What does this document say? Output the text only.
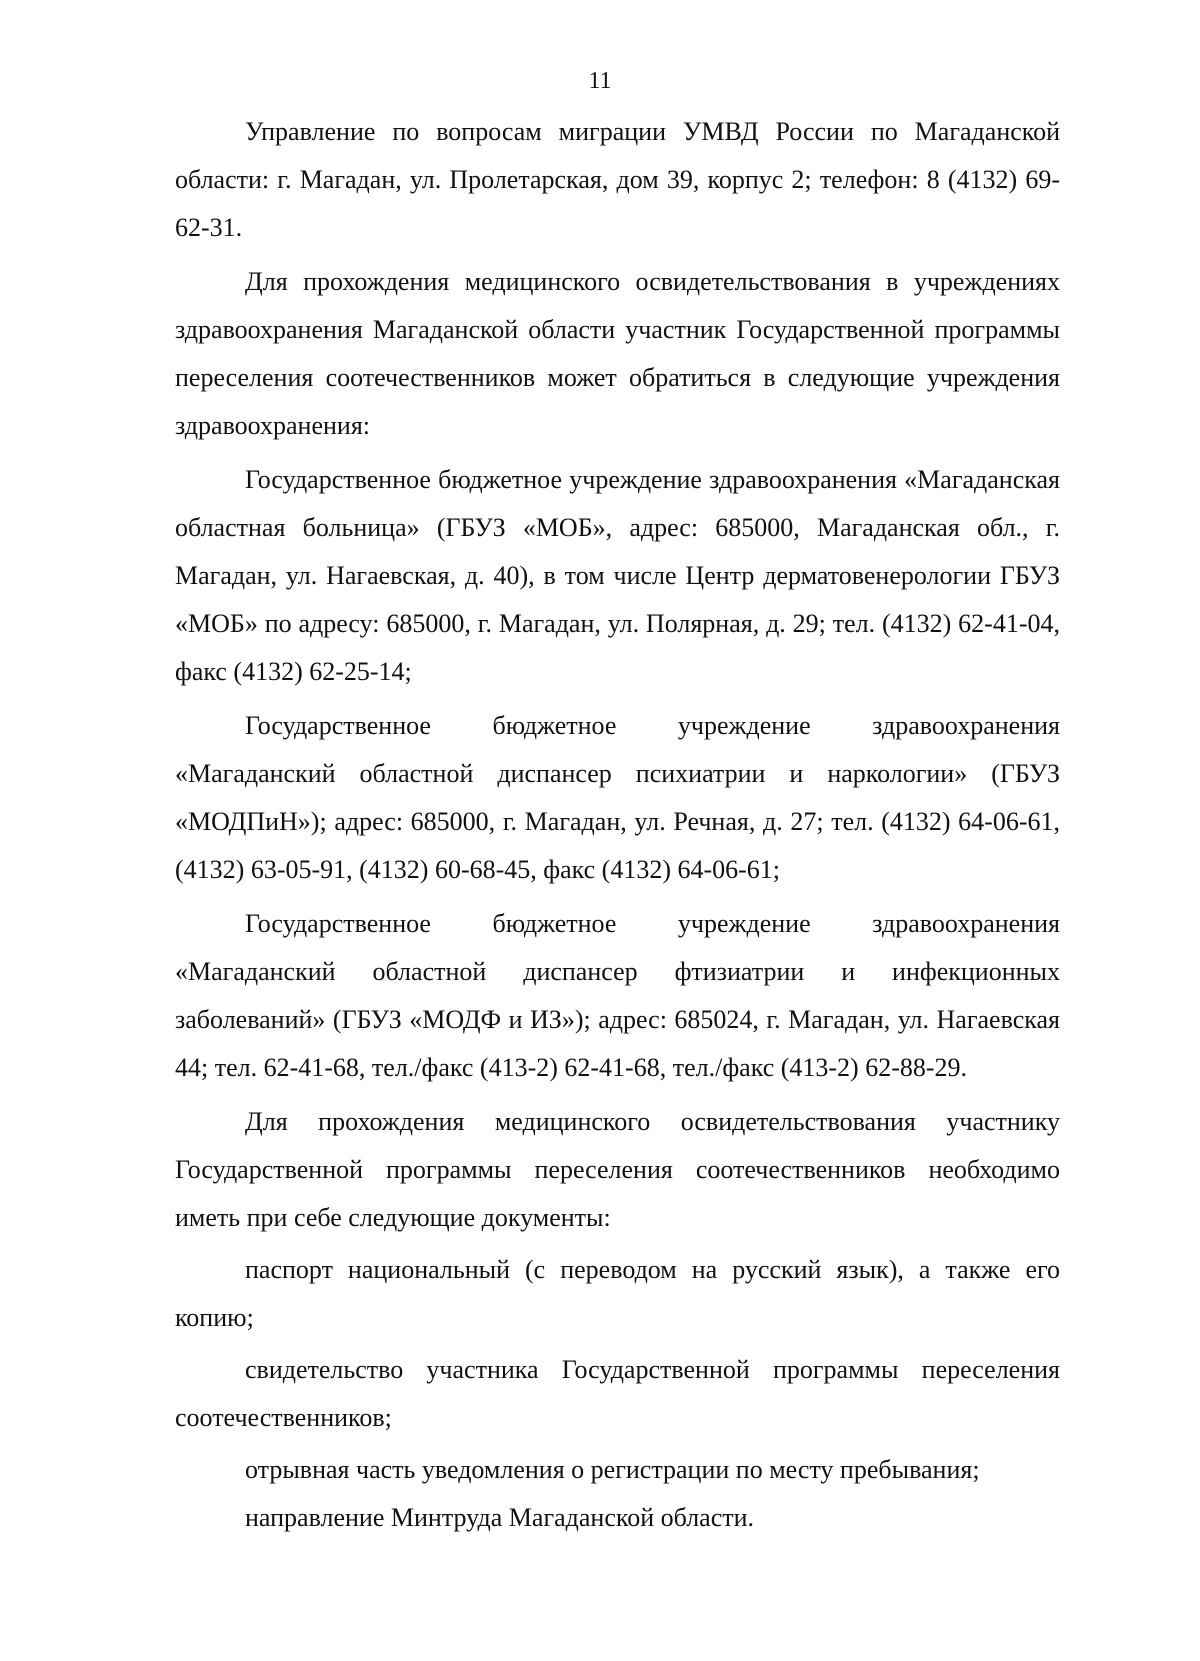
11

Управление по вопросам миграции УМВД России по Магаданской области: г. Магадан, ул. Пролетарская, дом 39, корпус 2; телефон: 8 (4132) 69-62-31.

Для прохождения медицинского освидетельствования в учреждениях здравоохранения Магаданской области участник Государственной программы переселения соотечественников может обратиться в следующие учреждения здравоохранения:

Государственное бюджетное учреждение здравоохранения «Магаданская областная больница» (ГБУЗ «МОБ», адрес: 685000, Магаданская обл., г. Магадан, ул. Нагаевская, д. 40), в том числе Центр дерматовенерологии ГБУЗ «МОБ» по адресу: 685000, г. Магадан, ул. Полярная, д. 29; тел. (4132) 62-41-04, факс (4132) 62-25-14;

Государственное бюджетное учреждение здравоохранения «Магаданский областной диспансер психиатрии и наркологии» (ГБУЗ «МОДПиН»); адрес: 685000, г. Магадан, ул. Речная, д. 27; тел. (4132) 64-06-61, (4132) 63-05-91, (4132) 60-68-45, факс (4132) 64-06-61;

Государственное бюджетное учреждение здравоохранения «Магаданский областной диспансер фтизиатрии и инфекционных заболеваний» (ГБУЗ «МОДФ и ИЗ»); адрес: 685024, г. Магадан, ул. Нагаевская 44; тел. 62-41-68, тел./факс (413-2) 62-41-68, тел./факс (413-2) 62-88-29.

Для прохождения медицинского освидетельствования участнику Государственной программы переселения соотечественников необходимо иметь при себе следующие документы:

паспорт национальный (с переводом на русский язык), а также его копию;

свидетельство участника Государственной программы переселения соотечественников;

отрывная часть уведомления о регистрации по месту пребывания;

направление Минтруда Магаданской области.
